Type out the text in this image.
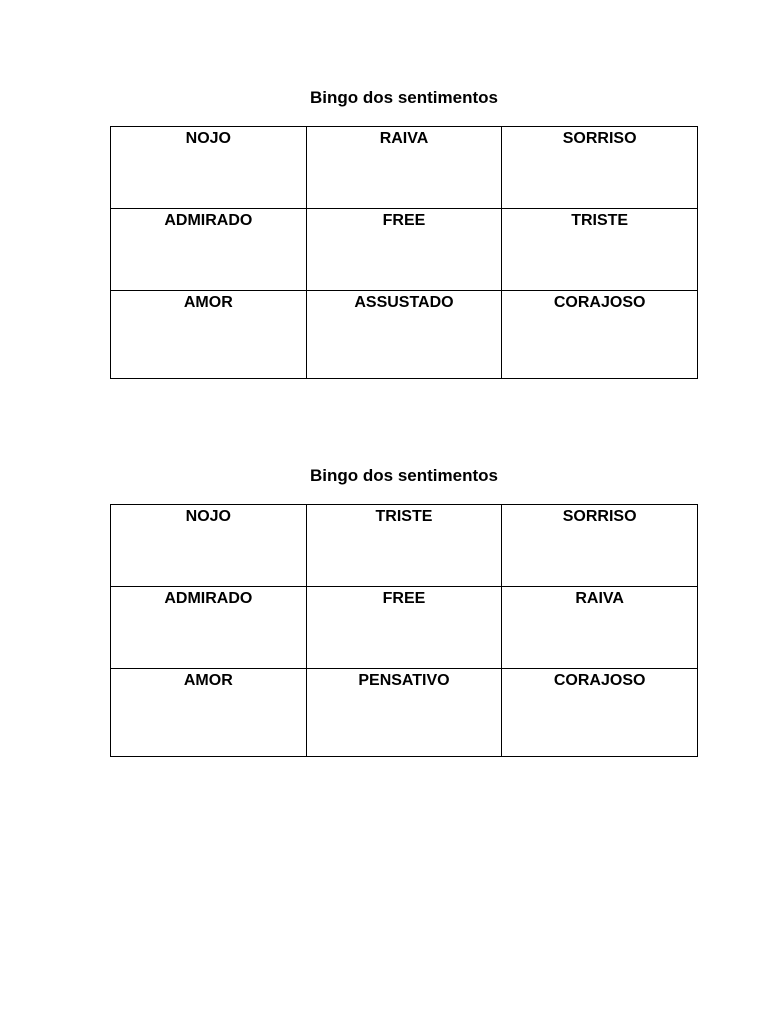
Bingo dos sentimentos
NOJO	RAIVA	SORRISO
ADMIRADO	FREE	TRISTE
AMOR	ASSUSTADO	CORAJOSO
Bingo dos sentimentos
NOJO	TRISTE	SORRISO
ADMIRADO	FREE	RAIVA
AMOR	PENSATIVO	CORAJOSO
